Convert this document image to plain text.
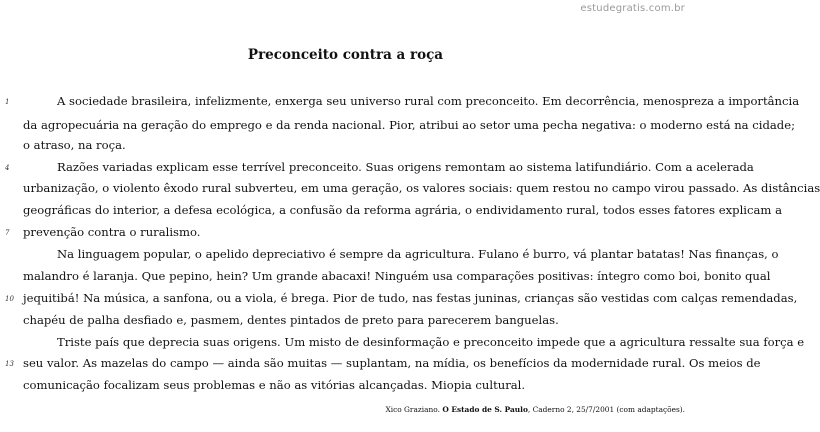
estudegratis.com.br
Preconceito contra a roça
A sociedade brasileira, infelizmente, enxerga seu universo rural com preconceito. Em decorrência, menospreza a importância
da agropecuária na geração do emprego e da renda nacional. Pior, atribui ao setor uma pecha negativa: o moderno está na cidade;
o atraso, na roça.
Razões variadas explicam esse terrível preconceito. Suas origens remontam ao sistema latifundiário. Com a acelerada
urbanização, o violento êxodo rural subverteu, em uma geração, os valores sociais: quem restou no campo virou passado. As distâncias
geográficas do interior, a defesa ecológica, a confusão da reforma agrária, o endividamento rural, todos esses fatores explicam a
prevenção contra o ruralismo.
Na linguagem popular, o apelido depreciativo é sempre da agricultura. Fulano é burro, vá plantar batatas! Nas finanças, o
malandro é laranja. Que pepino, hein? Um grande abacaxi! Ninguém usa comparações positivas: íntegro como boi, bonito qual
jequitibá! Na música, a sanfona, ou a viola, é brega. Pior de tudo, nas festas juninas, crianças são vestidas com calças remendadas,
chapéu de palha desfiado e, pasmem, dentes pintados de preto para parecerem banguelas.
Triste país que deprecia suas origens. Um misto de desinformação e preconceito impede que a agricultura ressalte sua força e
seu valor. As mazelas do campo — ainda são muitas — suplantam, na mídia, os benefícios da modernidade rural. Os meios de
comunicação focalizam seus problemas e não as vitórias alcançadas. Miopia cultural.
1
4
7
10
13
Xico Graziano. O Estado de S. Paulo, Caderno 2, 25/7/2001 (com adaptações).
